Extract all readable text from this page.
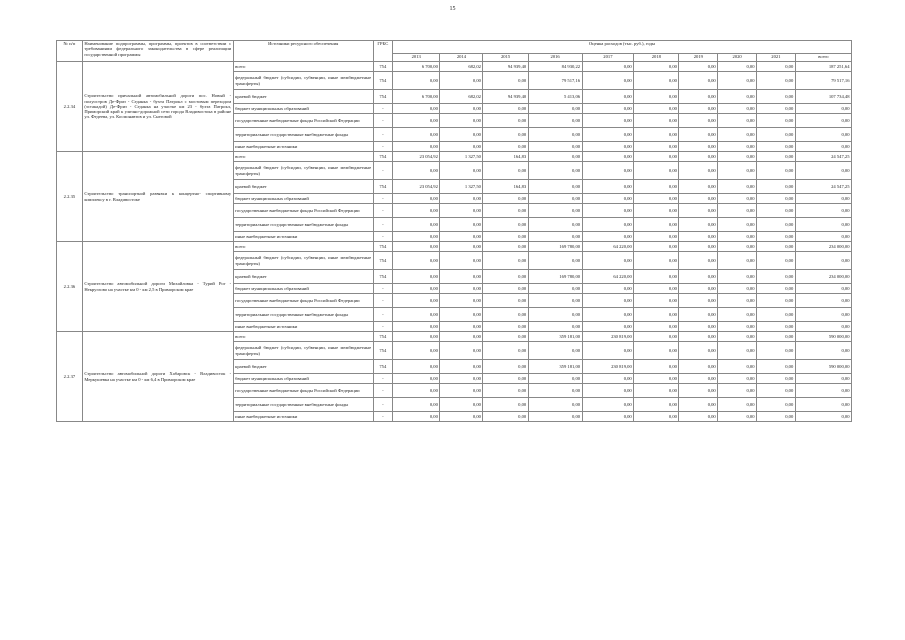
15
№ п/п	Наименование подпрограммы, программы, проектов в соответствии с требованиями федерального законодательства в сфере реализации государственной программы	Источники ресурсного обеспечения	ГРБС	Оценка расходов (тыс. руб.), годы									
				2013	2014	2015	2016	2017	2018	2019	2020	2021	всего
2.2.34	Строительство причальной автомобильной дороги пос. Новый - полуостров Де-Фриз - Седанка - бухта Патрокл с мостовым переходом (эстакадой) Де-Фриз - Седанка на участке км 23 - бухта Патрокл, Приморский край к улично-дорожной сети города Владивостока в районе ул. Федеева, ул. Космонавтов и ул. Снеговой	всего	754	6 700,00	682,02	94 939,40	84 930,22	0,00	0,00	0,00	0,00	0,00	187 251,64
		федеральный бюджет (субсидии, субвенции, иные межбюджетные трансферты)	754	0,00	0,00	0,00	79 517,16	0,00	0,00	0,00	0,00	0,00	79 517,16
		краевой бюджет	754	6 700,00	682,02	94 939,40	5 413,06	0,00	0,00	0,00	0,00	0,00	107 734,48
		бюджет муниципальных образований	-	0,00	0,00	0,00	0,00	0,00	0,00	0,00	0,00	0,00	0,00
		государственные внебюджетные фонды Российской Федерации	-	0,00	0,00	0,00	0,00	0,00	0,00	0,00	0,00	0,00	0,00
		территориальные государственные внебюджетные фонды	-	0,00	0,00	0,00	0,00	0,00	0,00	0,00	0,00	0,00	0,00
		иные внебюджетные источники	-	0,00	0,00	0,00	0,00	0,00	0,00	0,00	0,00	0,00	0,00
2.2.35	Строительство транспортной развязки к концертно- спортивному комплексу в г. Владивостоке	всего	754	23 054,92	1 327,50	164,83	0,00	0,00	0,00	0,00	0,00	0,00	24 547,25
		федеральный бюджет (субсидии, субвенции, иные межбюджетные трансферты)	-	0,00	0,00	0,00	0,00	0,00	0,00	0,00	0,00	0,00	0,00
		краевой бюджет	754	23 054,92	1 327,50	164,83	0,00	0,00	0,00	0,00	0,00	0,00	24 547,25
		бюджет муниципальных образований	-	0,00	0,00	0,00	0,00	0,00	0,00	0,00	0,00	0,00	0,00
		государственные внебюджетные фонды Российской Федерации	-	0,00	0,00	0,00	0,00	0,00	0,00	0,00	0,00	0,00	0,00
		территориальные государственные внебюджетные фонды	-	0,00	0,00	0,00	0,00	0,00	0,00	0,00	0,00	0,00	0,00
		иные внебюджетные источники	-	0,00	0,00	0,00	0,00	0,00	0,00	0,00	0,00	0,00	0,00
2.2.36	Строительство автомобильной дороги Михайловка - Турий Рог - Некруглово на участке км 0 - км 2,5 в Приморском крае	всего	754	0,00	0,00	0,00	169 780,00	64 220,00	0,00	0,00	0,00	0,00	234 000,00
		федеральный бюджет (субсидии, субвенции, иные межбюджетные трансферты)	754	0,00	0,00	0,00	0,00	0,00	0,00	0,00	0,00	0,00	0,00
		краевой бюджет	754	0,00	0,00	0,00	169 780,00	64 220,00	0,00	0,00	0,00	0,00	234 000,00
		бюджет муниципальных образований	-	0,00	0,00	0,00	0,00	0,00	0,00	0,00	0,00	0,00	0,00
		государственные внебюджетные фонды Российской Федерации	-	0,00	0,00	0,00	0,00	0,00	0,00	0,00	0,00	0,00	0,00
		территориальные государственные внебюджетные фонды	-	0,00	0,00	0,00	0,00	0,00	0,00	0,00	0,00	0,00	0,00
		иные внебюджетные источники	-	0,00	0,00	0,00	0,00	0,00	0,00	0,00	0,00	0,00	0,00
2.2.37	Строительство автомобильной дороги Хабаровск - Владивосток - Меркушевка на участке км 0 - км 6,4 в Приморском крае	всего	754	0,00	0,00	0,00	359 181,00	230 819,00	0,00	0,00	0,00	0,00	590 000,00
		федеральный бюджет (субсидии, субвенции, иные межбюджетные трансферты)	754	0,00	0,00	0,00	0,00	0,00	0,00	0,00	0,00	0,00	0,00
		краевой бюджет	754	0,00	0,00	0,00	359 181,00	230 819,00	0,00	0,00	0,00	0,00	590 000,00
		бюджет муниципальных образований	-	0,00	0,00	0,00	0,00	0,00	0,00	0,00	0,00	0,00	0,00
		государственные внебюджетные фонды Российской Федерации	-	0,00	0,00	0,00	0,00	0,00	0,00	0,00	0,00	0,00	0,00
		территориальные государственные внебюджетные фонды	-	0,00	0,00	0,00	0,00	0,00	0,00	0,00	0,00	0,00	0,00
		иные внебюджетные источники	-	0,00	0,00	0,00	0,00	0,00	0,00	0,00	0,00	0,00	0,00
